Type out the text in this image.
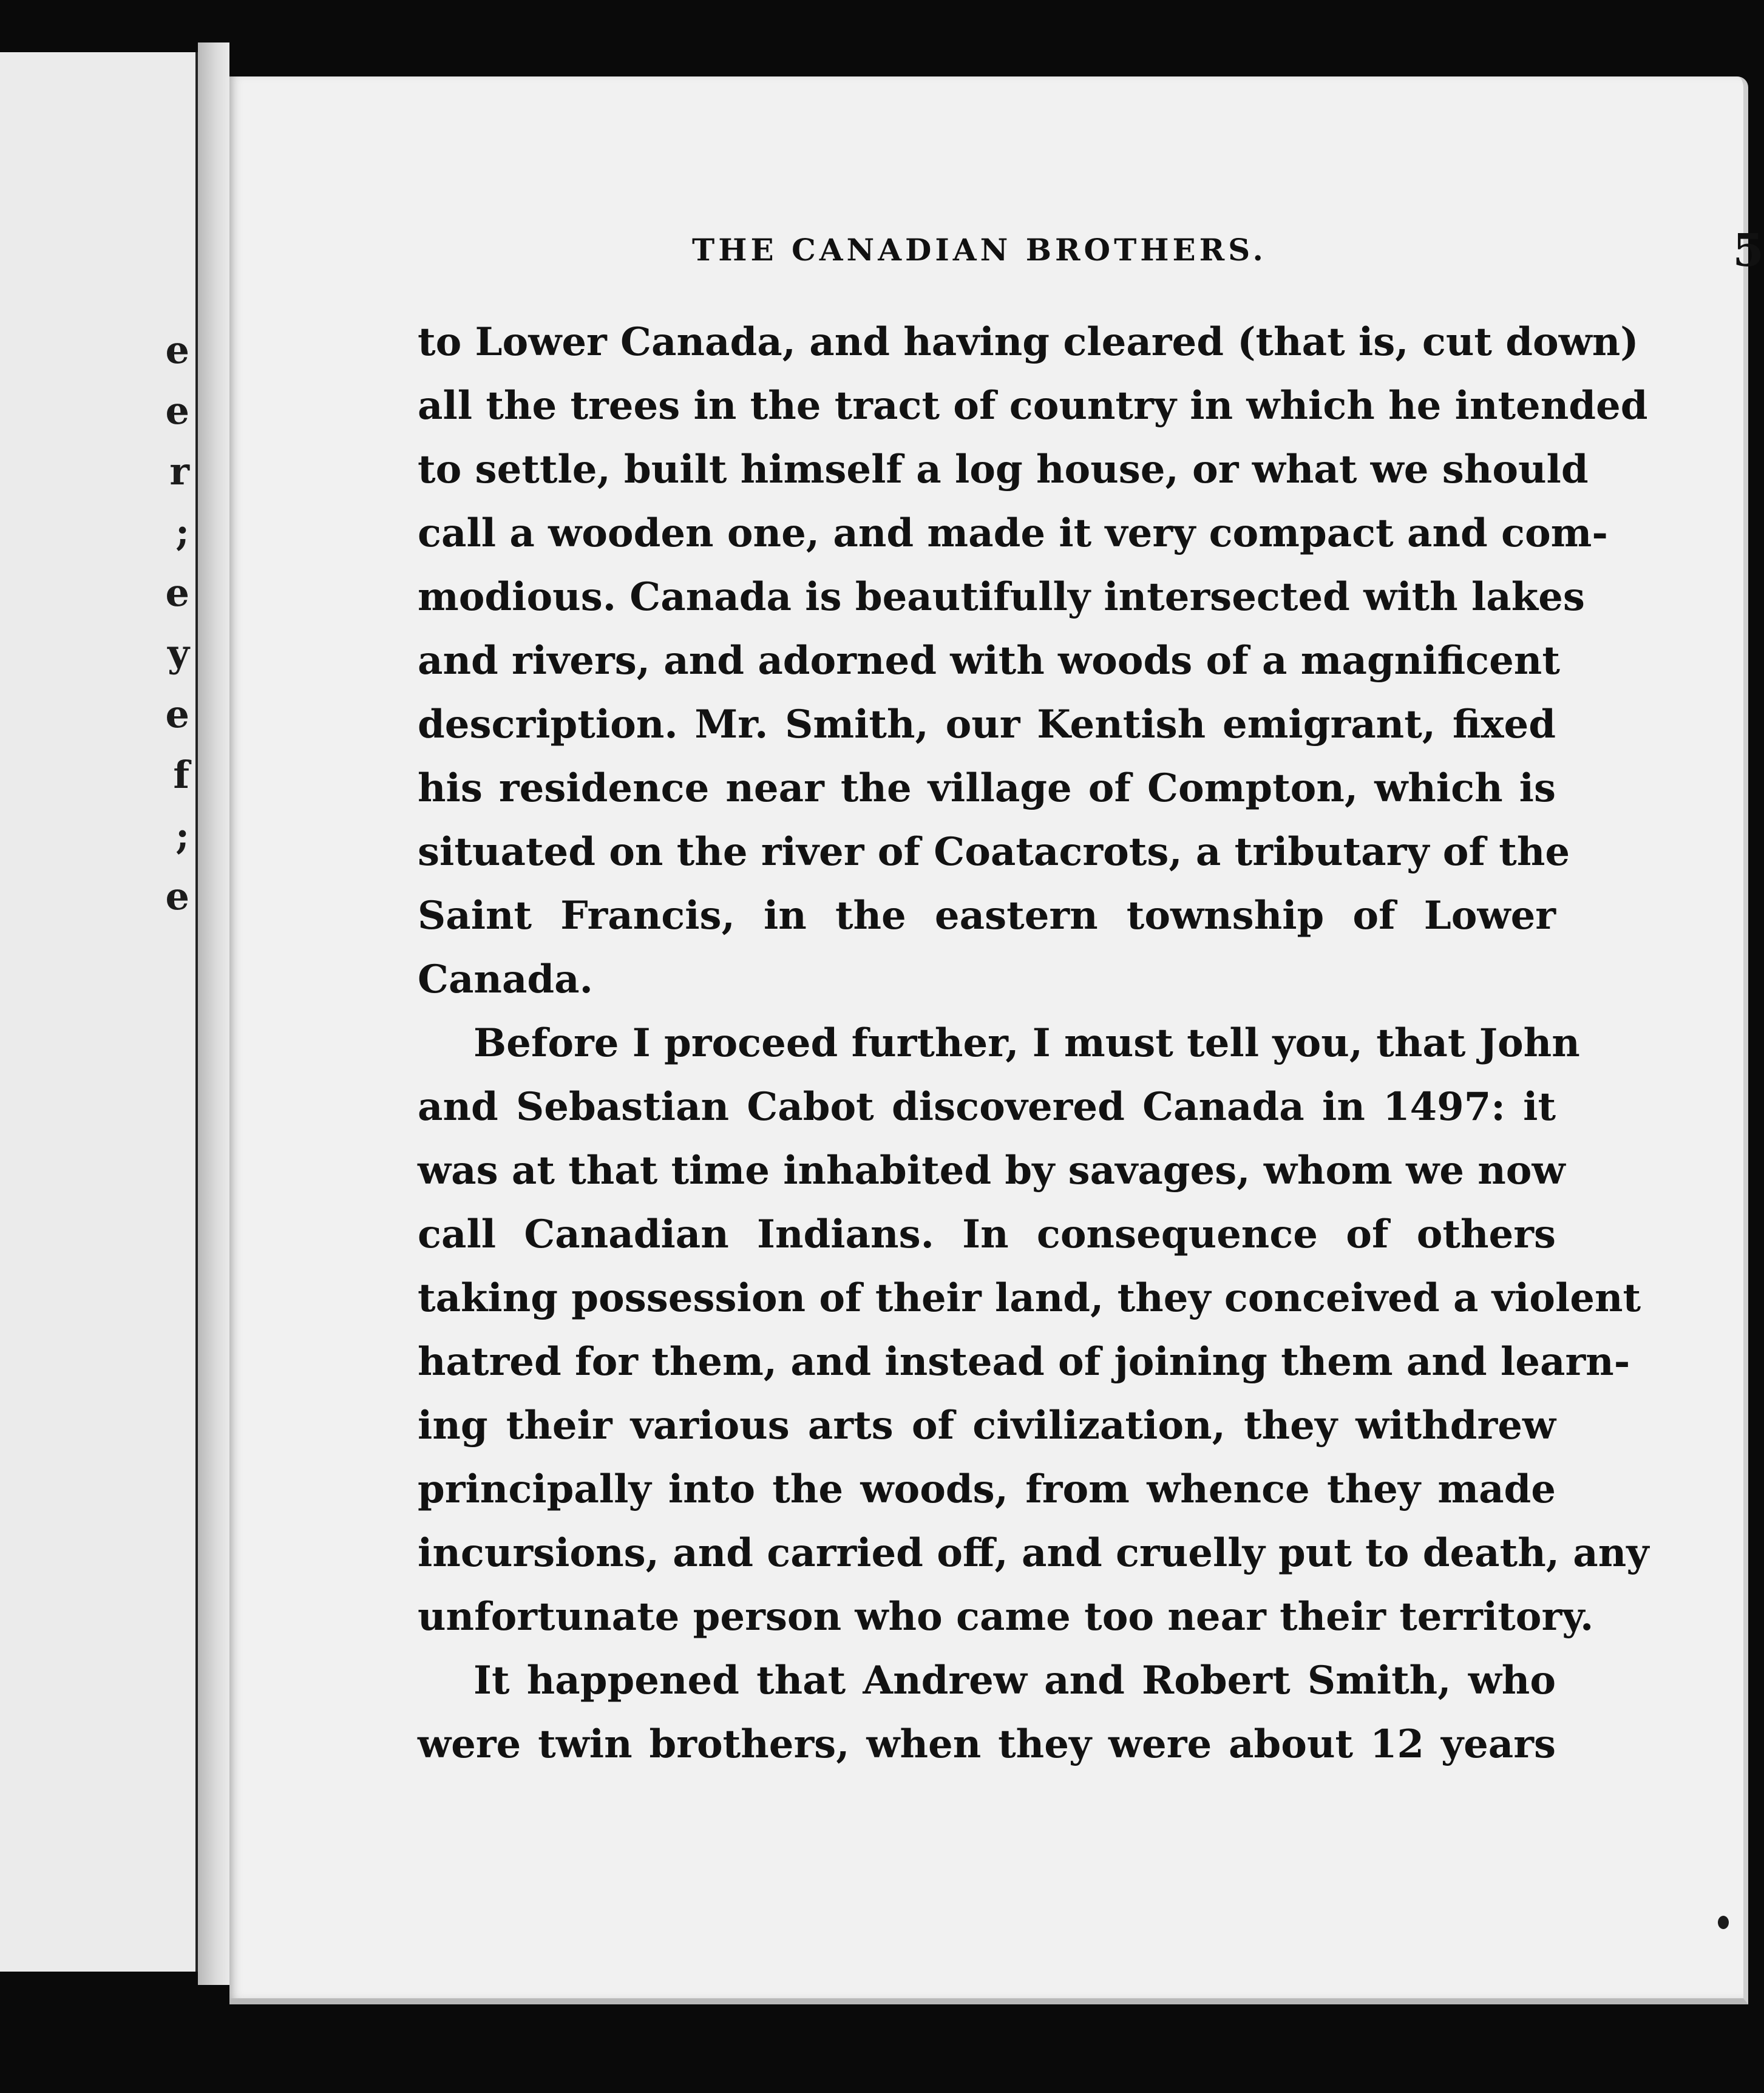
e
e
r
;
e
y
e
f
;
e
THE CANADIAN BROTHERS.	5

to Lower Canada, and having cleared (that is, cut down)
all the trees in the tract of country in which he intended
to settle, built himself a log house, or what we should
call a wooden one, and made it very compact and com-
modious. Canada is beautifully intersected with lakes
and rivers, and adorned with woods of a magnificent
description. Mr. Smith, our Kentish emigrant, fixed
his residence near the village of Compton, which is
situated on the river of Coatacrots, a tributary of the
Saint Francis, in the eastern township of Lower
Canada.

Before I proceed further, I must tell you, that John
and Sebastian Cabot discovered Canada in 1497: it
was at that time inhabited by savages, whom we now
call Canadian Indians. In consequence of others
taking possession of their land, they conceived a violent
hatred for them, and instead of joining them and learn-
ing their various arts of civilization, they withdrew
principally into the woods, from whence they made
incursions, and carried off, and cruelly put to death, any
unfortunate person who came too near their territory.

It happened that Andrew and Robert Smith, who
were twin brothers, when they were about 12 years
